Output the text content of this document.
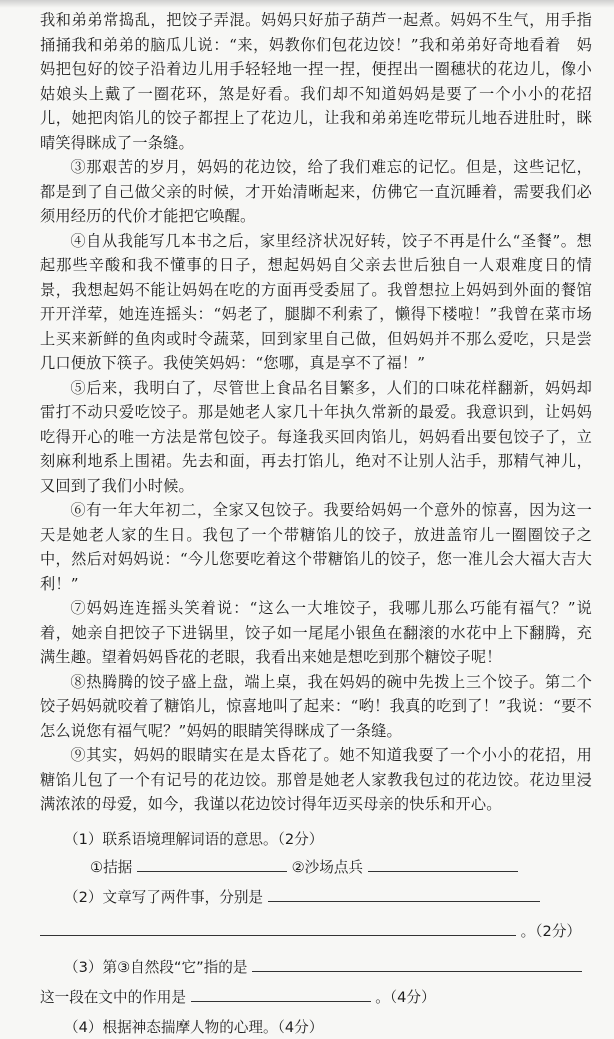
我和弟弟常捣乱，把饺子弄混。妈妈只好茄子葫芦一起煮。妈妈不生气，用手指捅捅我和弟弟的脑瓜儿说：“来，妈教你们包花边饺！”我和弟弟好奇地看着　妈妈把包好的饺子沿着边儿用手轻轻地一捏一捏，便捏出一圈穗状的花边儿，像小姑娘头上戴了一圈花环，煞是好看。我们却不知道妈妈是要了一个小小的花招儿，她把肉馅儿的饺子都捏上了花边儿，让我和弟弟连吃带玩儿地吞进肚时，眯晴笑得眯成了一条缝。

③那艰苦的岁月，妈妈的花边饺，给了我们难忘的记忆。但是，这些记忆，都是到了自己做父亲的时候，才开始清晰起来，仿佛它一直沉睡着，需要我们必须用经历的代价才能把它唤醒。

④自从我能写几本书之后，家里经济状况好转，饺子不再是什么“圣餐”。想起那些辛酸和我不懂事的日子，想起妈妈自父亲去世后独自一人艰难度日的情景，我想起妈不能让妈妈在吃的方面再受委屈了。我曾想拉上妈妈到外面的餐馆开开洋荤，她连连摇头：“妈老了，腿脚不利索了，懒得下楼啦！”我曾在菜市场上买来新鲜的鱼肉或时令蔬菜，回到家里自己做，但妈妈并不那么爱吃，只是尝几口便放下筷子。我使笑妈妈：“您哪，真是享不了福！”

⑤后来，我明白了，尽管世上食品名目繁多，人们的口味花样翻新，妈妈却雷打不动只爱吃饺子。那是她老人家几十年执久常新的最爱。我意识到，让妈妈吃得开心的唯一方法是常包饺子。每逢我买回肉馅儿，妈妈看出要包饺子了，立刻麻利地系上围裙。先去和面，再去打馅儿，绝对不让别人沾手，那精气神儿，又回到了我们小时候。

⑥有一年大年初二，全家又包饺子。我要给妈妈一个意外的惊喜，因为这一天是她老人家的生日。我包了一个带糖馅儿的饺子，放进盖帘儿一圈圈饺子之中，然后对妈妈说：“今儿您要吃着这个带糖馅儿的饺子，您一准儿会大福大吉大利！”

⑦妈妈连连摇头笑着说：“这么一大堆饺子，我哪儿那么巧能有福气？”说着，她亲自把饺子下进锅里，饺子如一尾尾小银鱼在翻滚的水花中上下翻腾，充满生趣。望着妈妈昏花的老眼，我看出来她是想吃到那个糖饺子呢！

⑧热腾腾的饺子盛上盘，端上桌，我在妈妈的碗中先拨上三个饺子。第二个饺子妈妈就咬着了糖馅儿，惊喜地叫了起来：“哟！我真的吃到了！”我说：“要不怎么说您有福气呢？”妈妈的眼睛笑得眯成了一条缝。

⑨其实，妈妈的眼睛实在是太昏花了。她不知道我耍了一个小小的花招，用糖馅儿包了一个有记号的花边饺。那曾是她老人家教我包过的花边饺。花边里浸满浓浓的母爱，如今，我谨以花边饺讨得年迈买母亲的快乐和开心。

（1）联系语境理解词语的意思。（2分）

①拮据	②沙场点兵

（2）文章写了两件事，分别是

。（2分）

（3）第③自然段“它”指的是

这一段在文中的作用是	。（4分）

（4）根据神态揣摩人物的心理。（4分）
